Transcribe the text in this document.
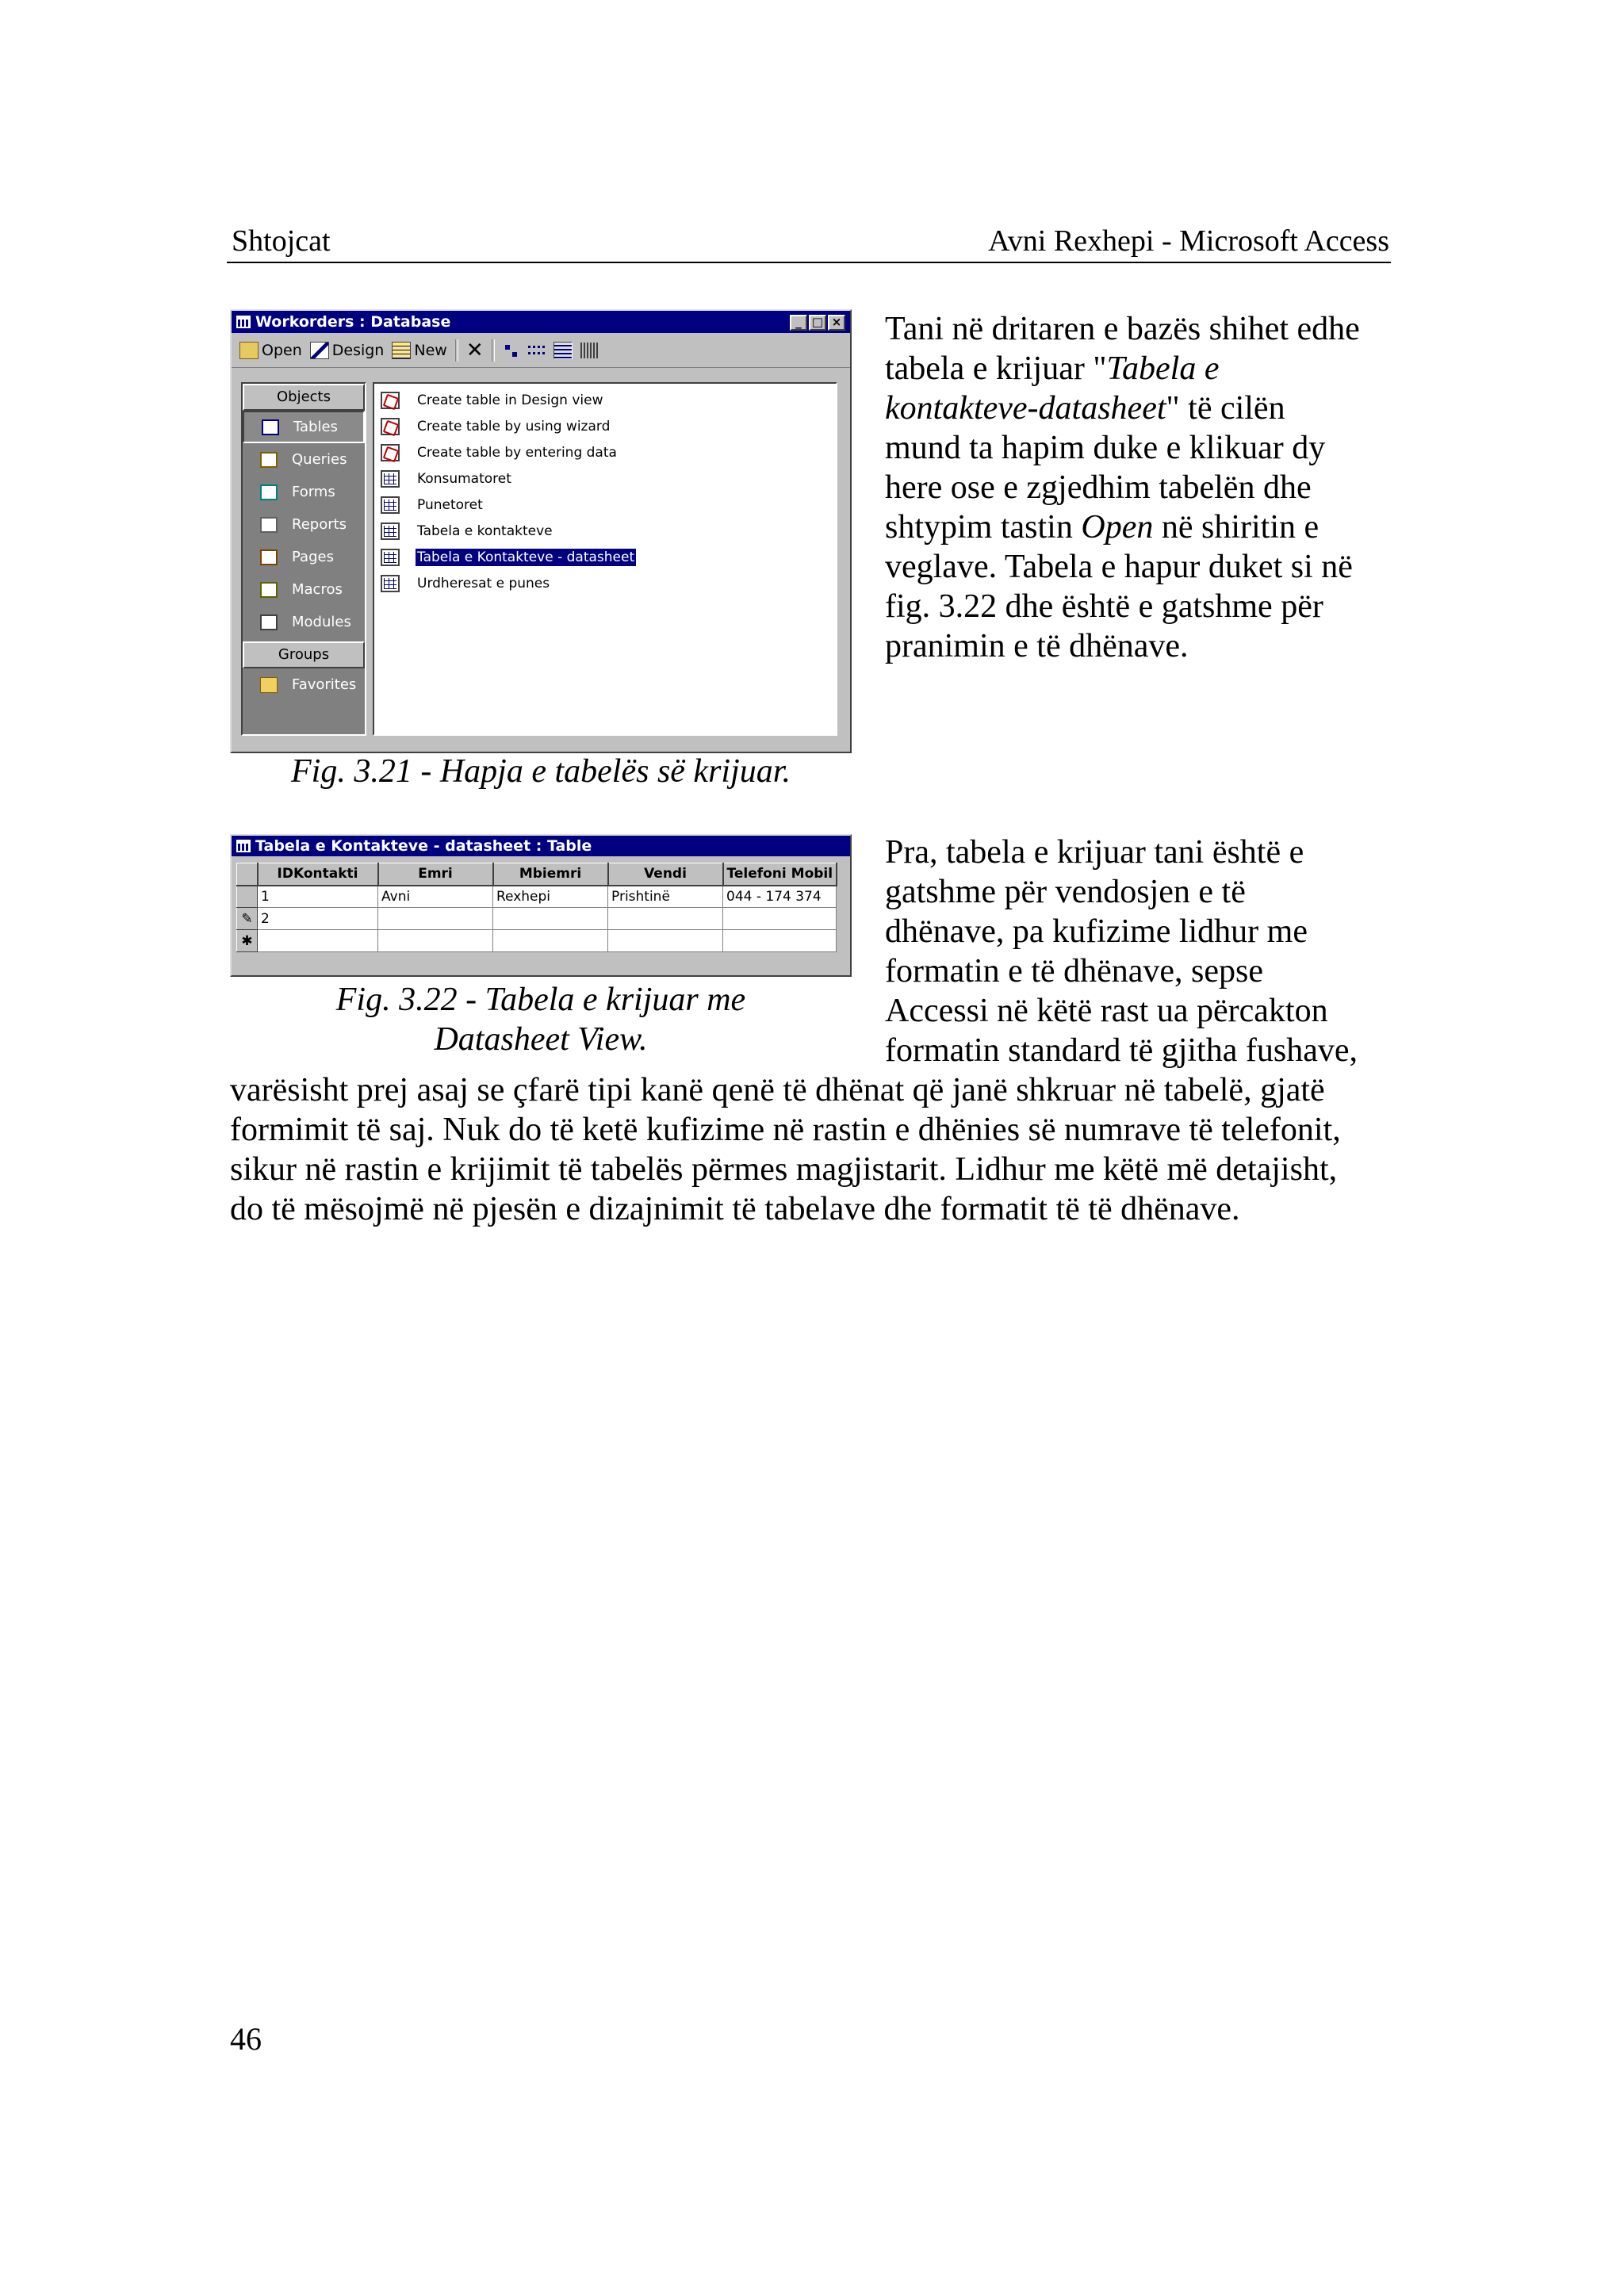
Shtojcat	Avni Rexhepi - Microsoft Access
Workorders : Database	_ □ ×
Open Design New ✕
Objects
Tables
Queries
Forms
Reports
Pages
Macros
Modules
Groups
Favorites
Create table in Design view
Create table by using wizard
Create table by entering data
Konsumatoret
Punetoret
Tabela e kontakteve
Tabela e Kontakteve - datasheet
Urdheresat e punes
Fig. 3.21 - Hapja e tabelës së krijuar.
Tani në dritaren e bazës shihet edhe
tabela e krijuar "Tabela e
kontakteve-datasheet" të cilën
mund ta hapim duke e klikuar dy
here ose e zgjedhim tabelën dhe
shtypim tastin Open në shiritin e
veglave. Tabela e hapur duket si në
fig. 3.22 dhe është e gatshme për
pranimin e të dhënave.
Tabela e Kontakteve - datasheet : Table
	IDKontakti	Emri	Mbiemri	Vendi	Telefoni Mobil
	1	Avni	Rexhepi	Prishtinë	044 - 174 374
✎	2				
✱					
Fig. 3.22 - Tabela e krijuar me
Datasheet View.
Pra, tabela e krijuar tani është e
gatshme për vendosjen e të
dhënave, pa kufizime lidhur me
formatin e të dhënave, sepse
Accessi në këtë rast ua përcakton
formatin standard të gjitha fushave,
varësisht prej asaj se çfarë tipi kanë qenë të dhënat që janë shkruar në tabelë, gjatë
formimit të saj. Nuk do të ketë kufizime në rastin e dhënies së numrave të telefonit,
sikur në rastin e krijimit të tabelës përmes magjistarit. Lidhur me këtë më detajisht,
do të mësojmë në pjesën e dizajnimit të tabelave dhe formatit të të dhënave.
46
